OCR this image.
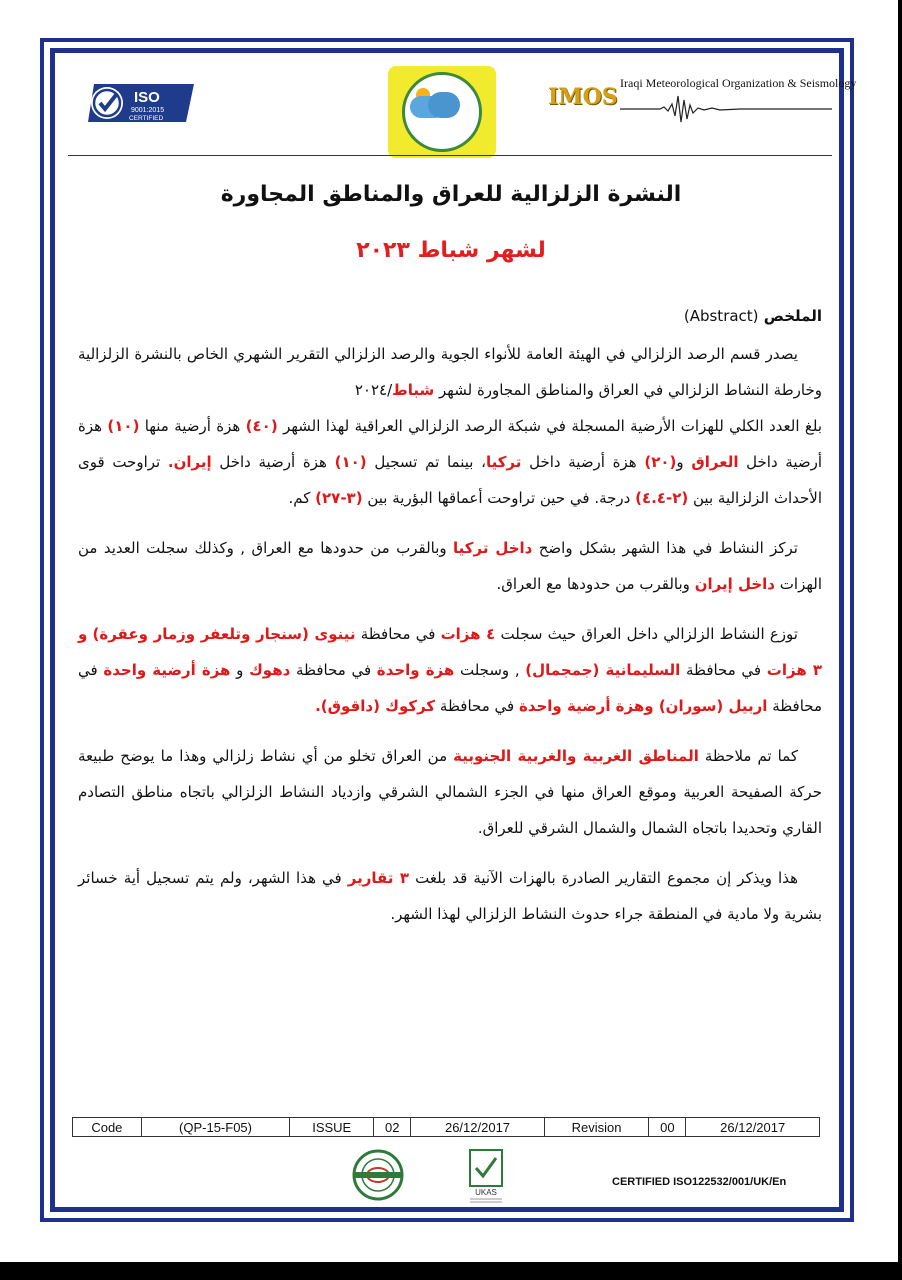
ISO
9001:2015
CERTIFIED
IMOS
Iraqi Meteorological Organization & Seismology
النشرة الزلزالية للعراق والمناطق المجاورة
لشهر شباط ٢٠٢٣

الملخص (Abstract)

يصدر قسم الرصد الزلزالي في الهيئة العامة للأنواء الجوية والرصد الزلزالي التقرير الشهري الخاص بالنشرة الزلزالية وخارطة النشاط الزلزالي في العراق والمناطق المجاورة لشهر شباط/٢٠٢٤

بلغ العدد الكلي للهزات الأرضية المسجلة في شبكة الرصد الزلزالي العراقية لهذا الشهر (٤٠) هزة أرضية منها (١٠) هزة أرضية داخل العراق و(٢٠) هزة أرضية داخل تركيا، بينما تم تسجيل (١٠) هزة أرضية داخل إيران. تراوحت قوى الأحداث الزلزالية بين (٢-٤.٤) درجة. في حين تراوحت أعماقها البؤرية بين (٣-٢٧) كم.

تركز النشاط في هذا الشهر بشكل واضح داخل تركيا وبالقرب من حدودها مع العراق , وكذلك سجلت العديد من الهزات داخل إيران وبالقرب من حدودها مع العراق.

توزع النشاط الزلزالي داخل العراق حيث سجلت ٤ هزات في محافظة نينوى (سنجار وتلعفر وزمار وعقرة) و ٣ هزات في محافظة السليمانية (جمجمال) , وسجلت هزة واحدة في محافظة دهوك و هزة أرضية واحدة في محافظة اربيل (سوران) وهزة أرضية واحدة في محافظة كركوك (داقوق).

كما تم ملاحظة المناطق الغربية والغربية الجنوبية من العراق تخلو من أي نشاط زلزالي وهذا ما يوضح طبيعة حركة الصفيحة العربية وموقع العراق منها في الجزء الشمالي الشرقي وازدياد النشاط الزلزالي باتجاه مناطق التصادم القاري وتحديدا باتجاه الشمال والشمال الشرقي للعراق.

هذا ويذكر إن مجموع التقارير الصادرة بالهزات الآنية قد بلغت ٣ تقارير في هذا الشهر، ولم يتم تسجيل أية خسائر بشرية ولا مادية في المنطقة جراء حدوث النشاط الزلزالي لهذا الشهر.

Code	(QP-15-F05)	ISSUE	02	26/12/2017	Revision	00	26/12/2017
UKAS
CERTIFIED ISO122532/001/UK/En
